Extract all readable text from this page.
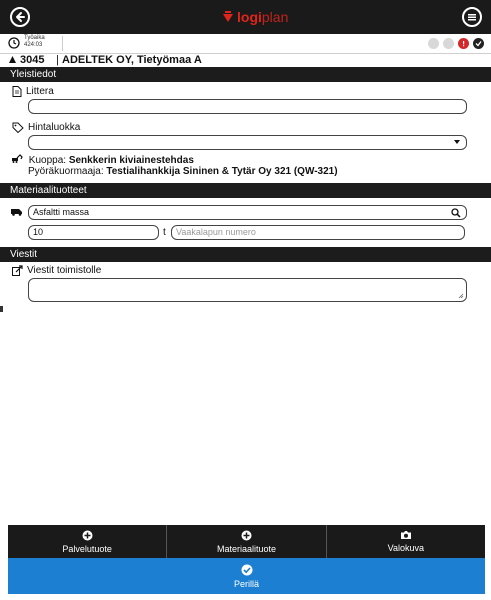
logi plan
Työaika
424:03
3045 | ADELTEK OY, Tietyömaa A
Yleistiedot
Littera
Hintaluokka
Kuoppa: Senkkerin kiviainestehdas
Pyöräkuormaaja: Testialihankkija Sininen & Tytär Oy 321 (QW-321)
Materiaalituotteet
Asfaltti massa
10	t	Vaakalapun numero
Viestit
Viestit toimistolle
Palvelutuote	Materiaalituote	Valokuva
Perillä
